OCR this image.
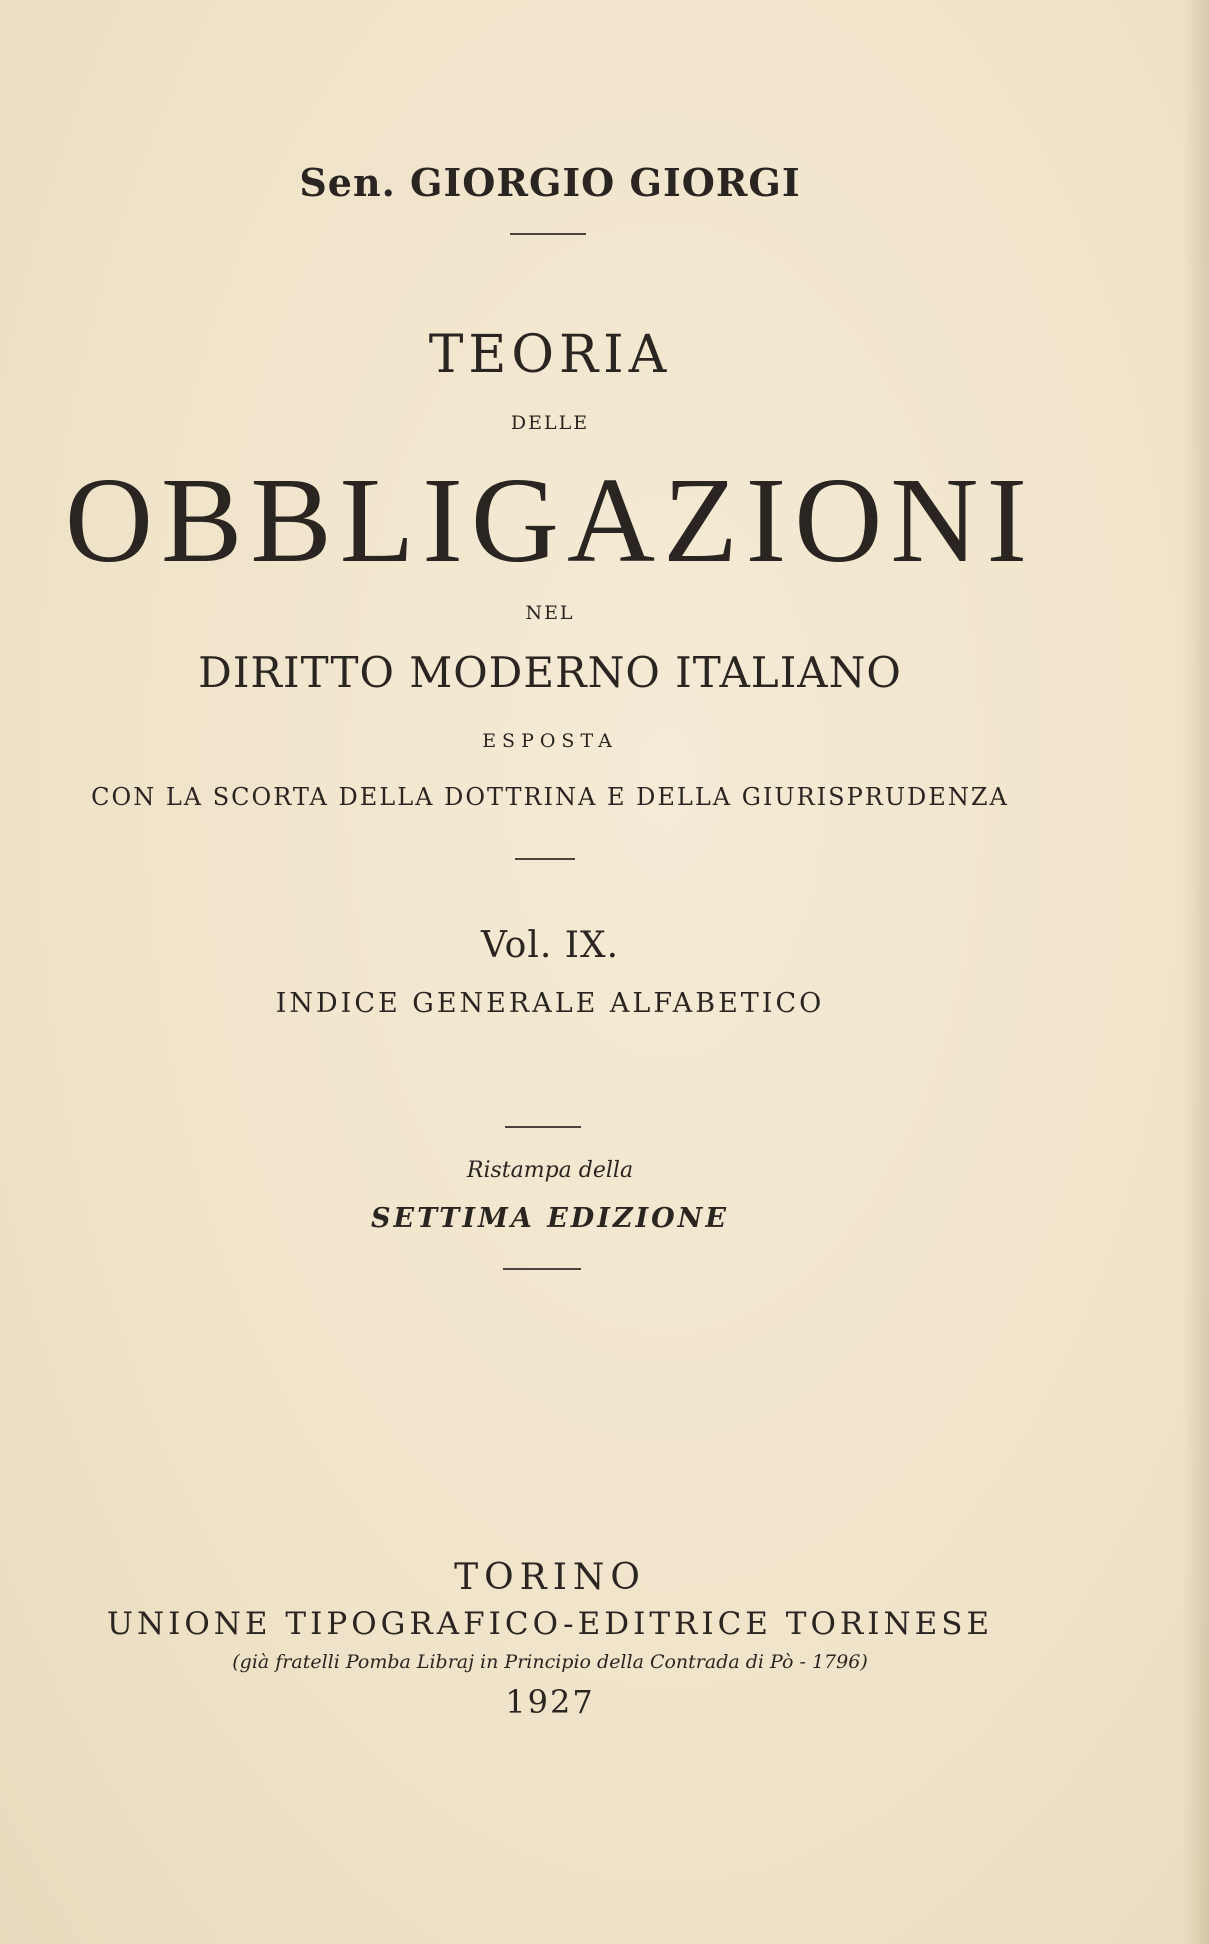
Sen. GIORGIO GIORGI
TEORIA
DELLE
OBBLIGAZIONI
NEL
DIRITTO MODERNO ITALIANO
ESPOSTA
CON LA SCORTA DELLA DOTTRINA E DELLA GIURISPRUDENZA
Vol. IX.
INDICE GENERALE ALFABETICO
Ristampa della
SETTIMA EDIZIONE
TORINO
UNIONE TIPOGRAFICO-EDITRICE TORINESE
(già fratelli Pomba Libraj in Principio della Contrada di Pò - 1796)
1927
